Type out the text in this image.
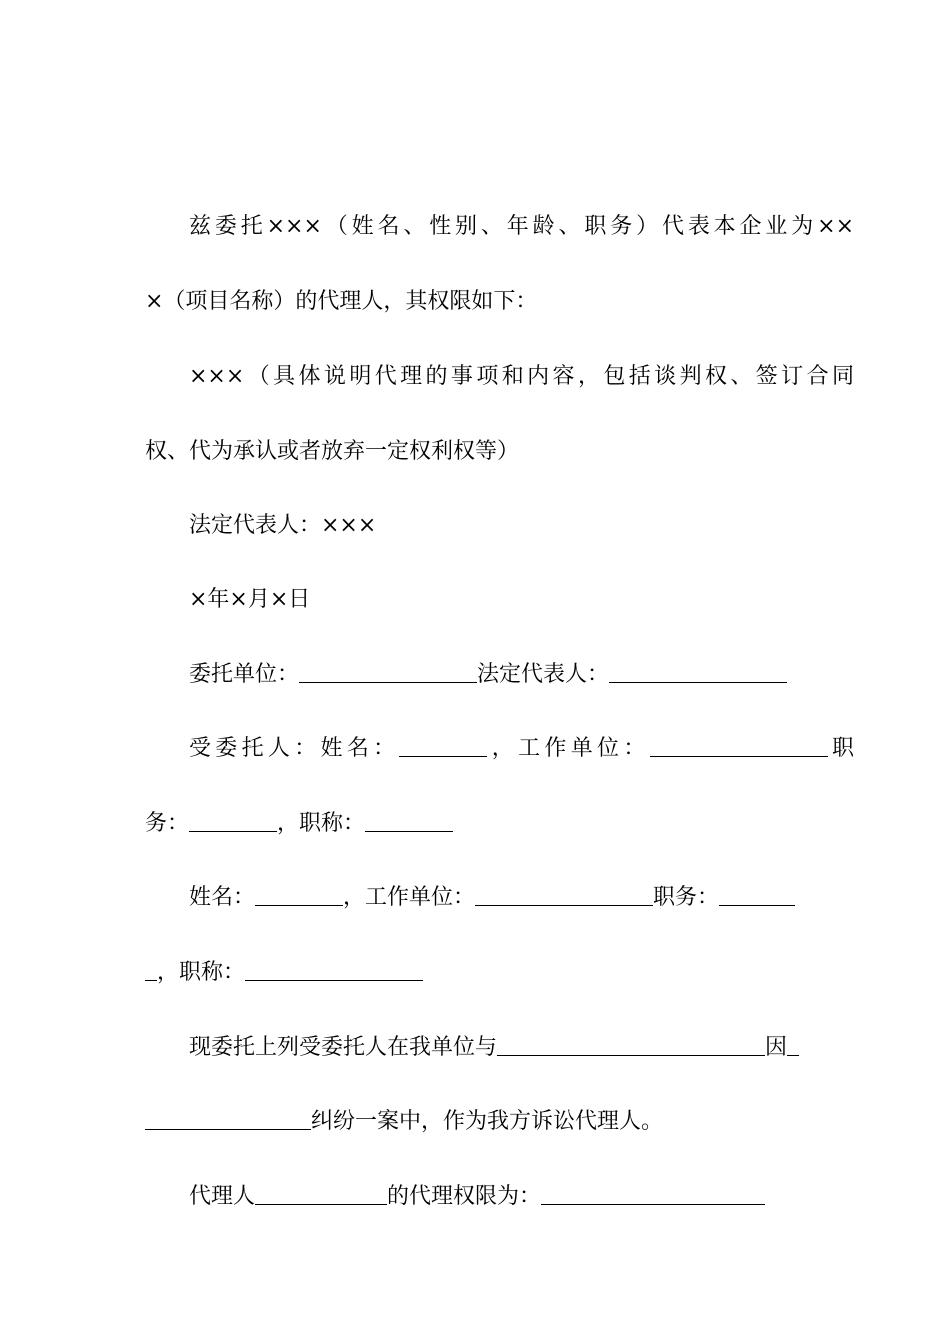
兹委托×××（姓名、性别、年龄、职务）代表本企业为××
×（项目名称）的代理人，其权限如下：
×××（具体说明代理的事项和内容，包括谈判权、签订合同
权、代为承认或者放弃一定权利权等）
法定代表人：×××
×年×月×日
委托单位：	法定代表人：
受委托人：姓名：	，工作单位：	职
务：	，职称：
姓名：	，工作单位：	职务：
，职称：
现委托上列受委托人在我单位与	因
纠纷一案中，作为我方诉讼代理人。
代理人	的代理权限为：
